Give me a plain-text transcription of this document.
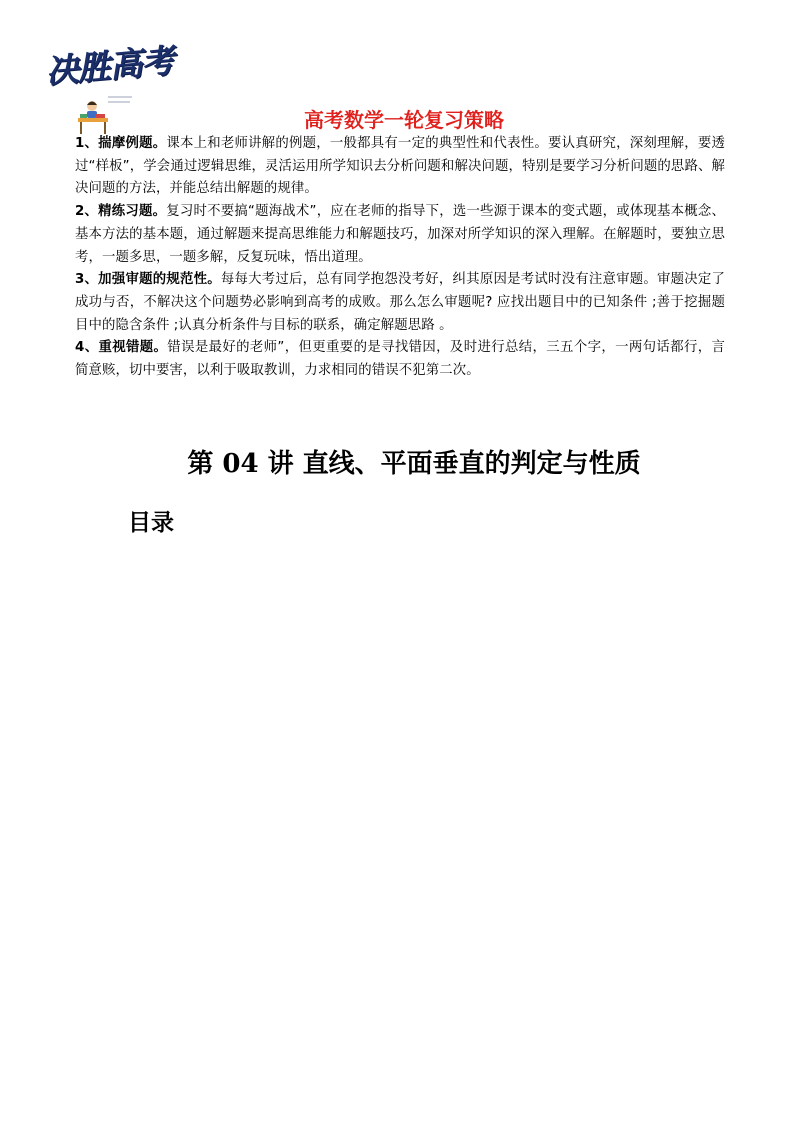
决胜高考
高考数学一轮复习策略

1、揣摩例题。课本上和老师讲解的例题，一般都具有一定的典型性和代表性。要认真研究，深刻理解，要透过“样板”，学会通过逻辑思维，灵活运用所学知识去分析问题和解决问题，特别是要学习分析问题的思路、解决问题的方法，并能总结出解题的规律。

2、精练习题。复习时不要搞“题海战术”，应在老师的指导下，选一些源于课本的变式题，或体现基本概念、基本方法的基本题，通过解题来提高思维能力和解题技巧，加深对所学知识的深入理解。在解题时，要独立思考，一题多思，一题多解，反复玩味，悟出道理。

3、加强审题的规范性。每每大考过后，总有同学抱怨没考好，纠其原因是考试时没有注意审题。审题决定了成功与否，不解决这个问题势必影响到高考的成败。那么怎么审题呢? 应找出题目中的已知条件 ;善于挖掘题目中的隐含条件 ;认真分析条件与目标的联系，确定解题思路 。

4、重视错题。错误是最好的老师”，但更重要的是寻找错因，及时进行总结，三五个字，一两句话都行，言简意赅，切中要害，以利于吸取教训，力求相同的错误不犯第二次。

第 04 讲 直线、平面垂直的判定与性质
目录
